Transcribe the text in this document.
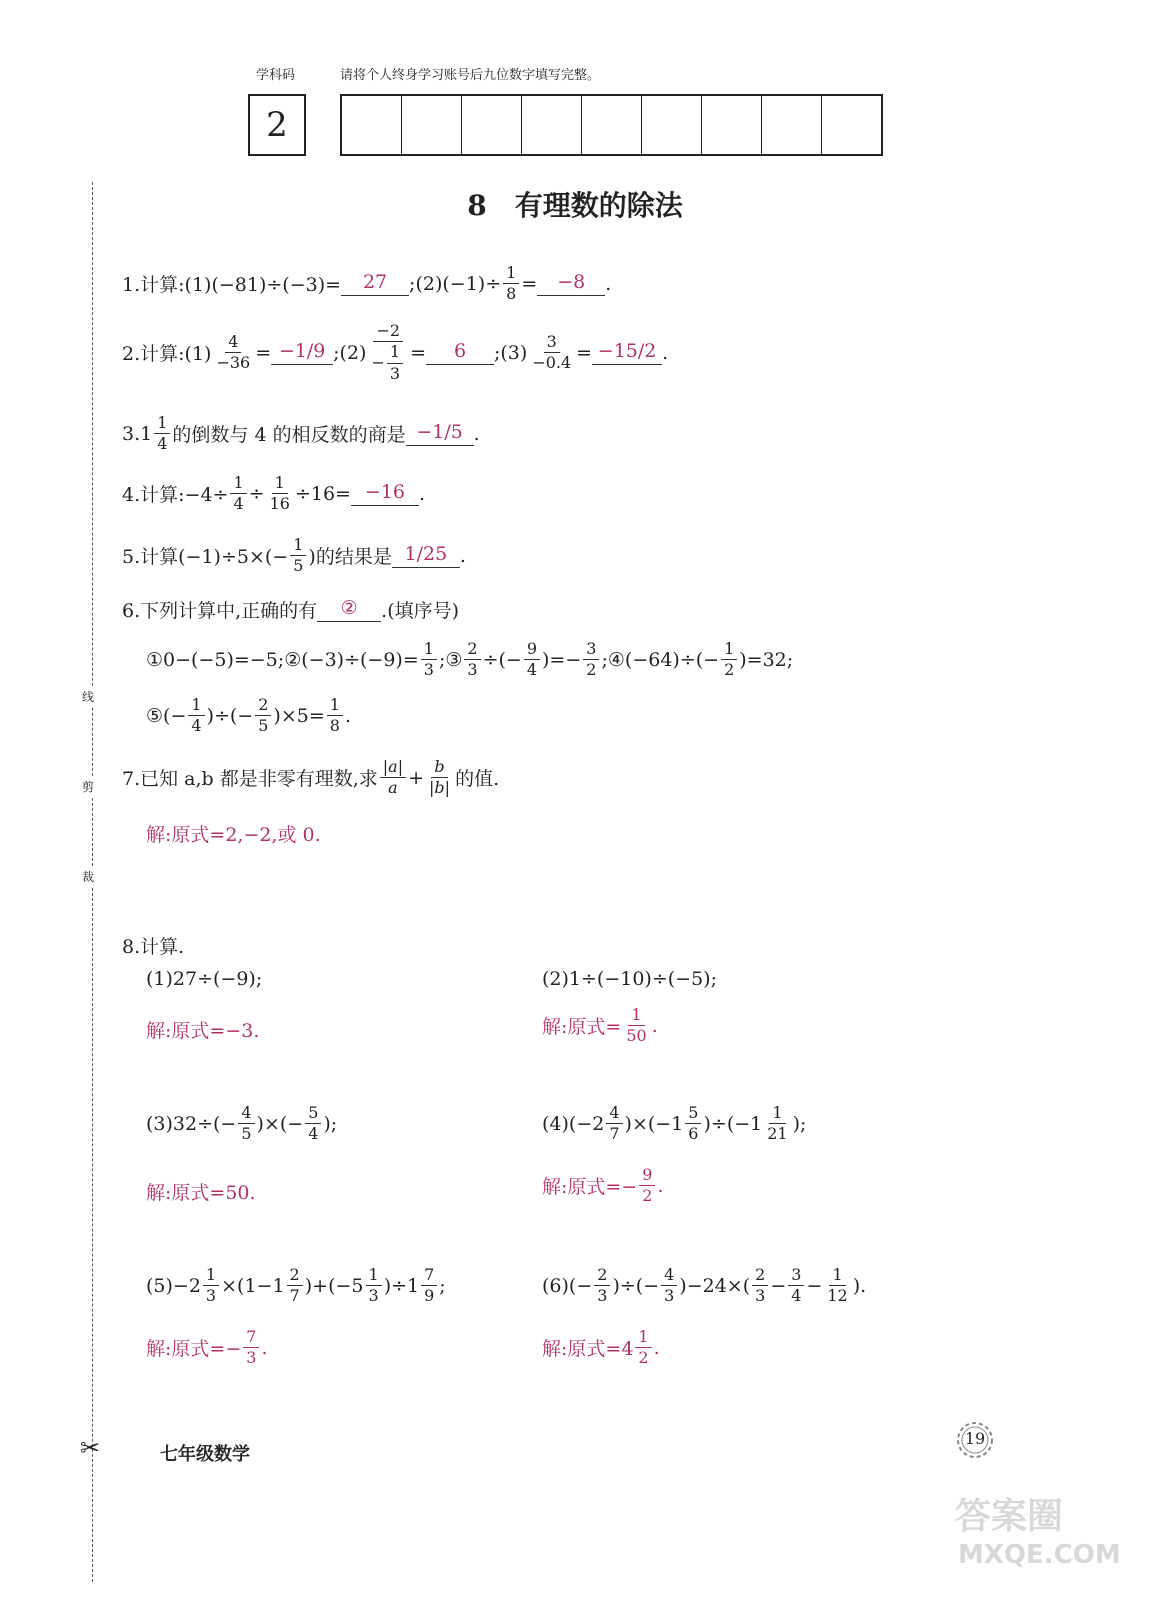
学科码	请将个人终身学习账号后九位数字填写完整。
2
线
剪
裁
8　有理数的除法
1.计算:(1)(−81)÷(−3)=	27	;(2)(−1)÷ $\frac{1}{8}$ =	−8	.
2.计算:(1) $\frac{4}{-36} = -1/9$ ;(2) $\frac{-2}{- \frac{1}{3}}$ =	6	;(3) $\frac{3}{-0.4} = -15/2$ .
$3.1 \frac{1}{4}$ 的倒数与 4 的相反数的商是 −1/5 .
4.计算:−4÷ $\frac{1}{4} \div \frac{1}{16} \div 16= -16$ .
5.计算$(-1)\div 5\times(- \frac{1}{5}$ )的结果是 1/25 .
6.下列计算中,正确的有	②	.(填序号)
①0−(−5)=−5;②(−3)÷(−9)= $\frac{1}{3}$ ;③ $\frac{2}{3}$ ÷(− $\frac{9}{4}$ )=− $\frac{3}{2}$ ;④(−64)÷(− $\frac{1}{2} )=32$;
⑤(− $\frac{1}{4}$ )÷(− $\frac{2}{5} )\times 5= \frac{1}{8}$ .
7.已知 a,b 都是非零有理数,求 $\frac{|a|}{a} + \frac{b}{|b|}$ 的值.
解:原式=2,−2,或 0.
8.计算.
(1)27÷(−9);
解:原式=−3.
(2)1÷(−10)÷(−5);
解:原式= $\frac{1}{50}$ .
$(3)32\div(- \frac{4}{5}$ )×(− $\frac{5}{4}$ );
解:原式=50.
$(4)(-2 \frac{4}{7} )\times(-1 \frac{5}{6} )\div(-1 \frac{1}{21}$ );
解:原式=− $\frac{9}{2}$ .
$(5)-2 \frac{1}{3} \times(1-1 \frac{2}{7} )+(-5 \frac{1}{3} )\div 1 \frac{7}{9}$ ;
解:原式=− $\frac{7}{3}$ .
$(6)(- \frac{2}{3}$ )÷(− $\frac{4}{3} )-24\times( \frac{2}{3} - \frac{3}{4} - \frac{1}{12}$ ).
解:原式$=4 \frac{1}{2}$ .
✂	七年级数学
19
答案圈
MXQE.COM
